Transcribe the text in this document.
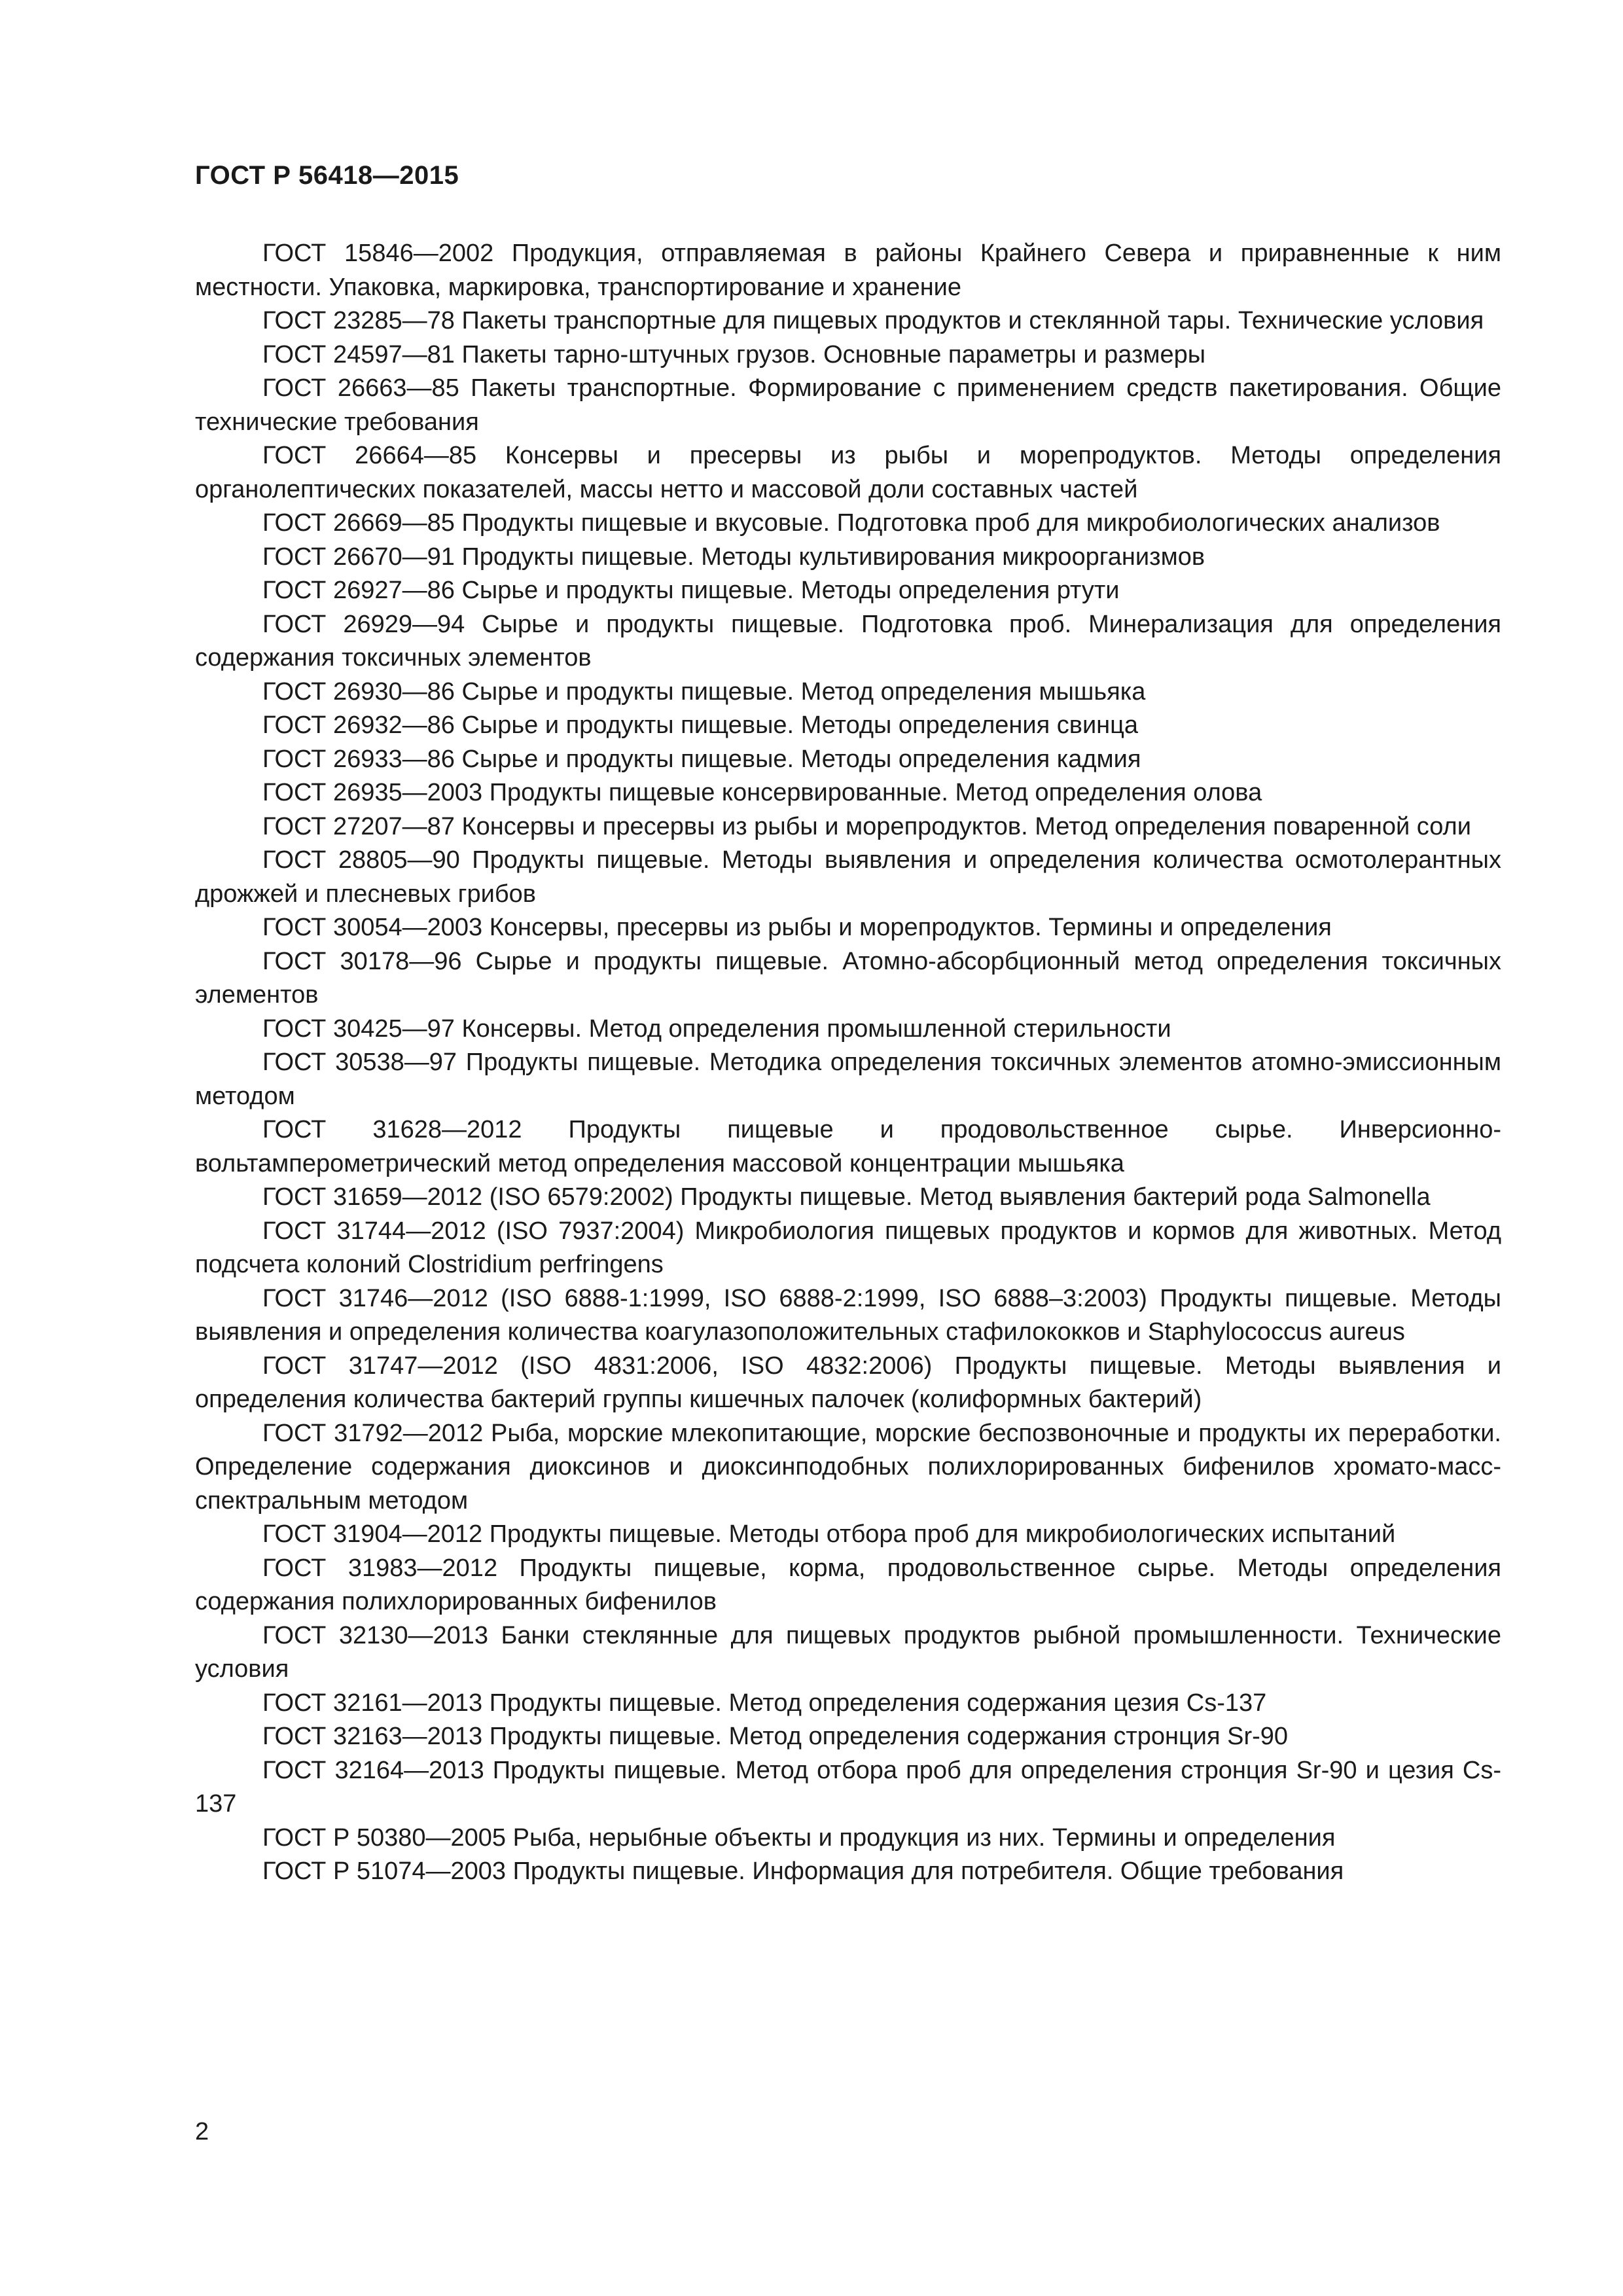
ГОСТ Р 56418—2015
ГОСТ 15846—2002 Продукция, отправляемая в районы Крайнего Севера и приравненные к ним местности. Упаковка, маркировка, транспортирование и хранение
ГОСТ 23285—78 Пакеты транспортные для пищевых продуктов и стеклянной тары. Технические условия
ГОСТ 24597—81 Пакеты тарно-штучных грузов. Основные параметры и размеры
ГОСТ 26663—85 Пакеты транспортные. Формирование с применением средств пакетирования. Общие технические требования
ГОСТ 26664—85 Консервы и пресервы из рыбы и морепродуктов. Методы определения органолептических показателей, массы нетто и массовой доли составных частей
ГОСТ 26669—85 Продукты пищевые и вкусовые. Подготовка проб для микробиологических анализов
ГОСТ 26670—91 Продукты пищевые. Методы культивирования микроорганизмов
ГОСТ 26927—86 Сырье и продукты пищевые. Методы определения ртути
ГОСТ 26929—94 Сырье и продукты пищевые. Подготовка проб. Минерализация для определения содержания токсичных элементов
ГОСТ 26930—86 Сырье и продукты пищевые. Метод определения мышьяка
ГОСТ 26932—86 Сырье и продукты пищевые. Методы определения свинца
ГОСТ 26933—86 Сырье и продукты пищевые. Методы определения кадмия
ГОСТ 26935—2003 Продукты пищевые консервированные. Метод определения олова
ГОСТ 27207—87 Консервы и пресервы из рыбы и морепродуктов. Метод определения поваренной соли
ГОСТ 28805—90 Продукты пищевые. Методы выявления и определения количества осмотолерантных дрожжей и плесневых грибов
ГОСТ 30054—2003 Консервы, пресервы из рыбы и морепродуктов. Термины и определения
ГОСТ 30178—96 Сырье и продукты пищевые. Атомно-абсорбционный метод определения токсичных элементов
ГОСТ 30425—97 Консервы. Метод определения промышленной стерильности
ГОСТ 30538—97 Продукты пищевые. Методика определения токсичных элементов атомно-эмиссионным методом
ГОСТ 31628—2012 Продукты пищевые и продовольственное сырье. Инверсионно-вольтамперометрический метод определения массовой концентрации мышьяка
ГОСТ 31659—2012 (ISO 6579:2002) Продукты пищевые. Метод выявления бактерий рода Salmonella
ГОСТ 31744—2012 (ISO 7937:2004) Микробиология пищевых продуктов и кормов для животных. Метод подсчета колоний Clostridium perfringens
ГОСТ 31746—2012 (ISO 6888-1:1999, ISO 6888-2:1999, ISO 6888–3:2003) Продукты пищевые. Методы выявления и определения количества коагулазоположительных стафилококков и Staphylococcus aureus
ГОСТ 31747—2012 (ISO 4831:2006, ISO 4832:2006) Продукты пищевые. Методы выявления и определения количества бактерий группы кишечных палочек (колиформных бактерий)
ГОСТ 31792—2012 Рыба, морские млекопитающие, морские беспозвоночные и продукты их переработки. Определение содержания диоксинов и диоксинподобных полихлорированных бифенилов хромато-масс-спектральным методом
ГОСТ 31904—2012 Продукты пищевые. Методы отбора проб для микробиологических испытаний
ГОСТ 31983—2012 Продукты пищевые, корма, продовольственное сырье. Методы определения содержания полихлорированных бифенилов
ГОСТ 32130—2013 Банки стеклянные для пищевых продуктов рыбной промышленности. Технические условия
ГОСТ 32161—2013 Продукты пищевые. Метод определения содержания цезия Cs-137
ГОСТ 32163—2013 Продукты пищевые. Метод определения содержания стронция Sr-90
ГОСТ 32164—2013 Продукты пищевые. Метод отбора проб для определения стронция Sr-90 и цезия Cs-137
ГОСТ Р 50380—2005 Рыба, нерыбные объекты и продукция из них. Термины и определения
ГОСТ Р 51074—2003 Продукты пищевые. Информация для потребителя. Общие требования
2
